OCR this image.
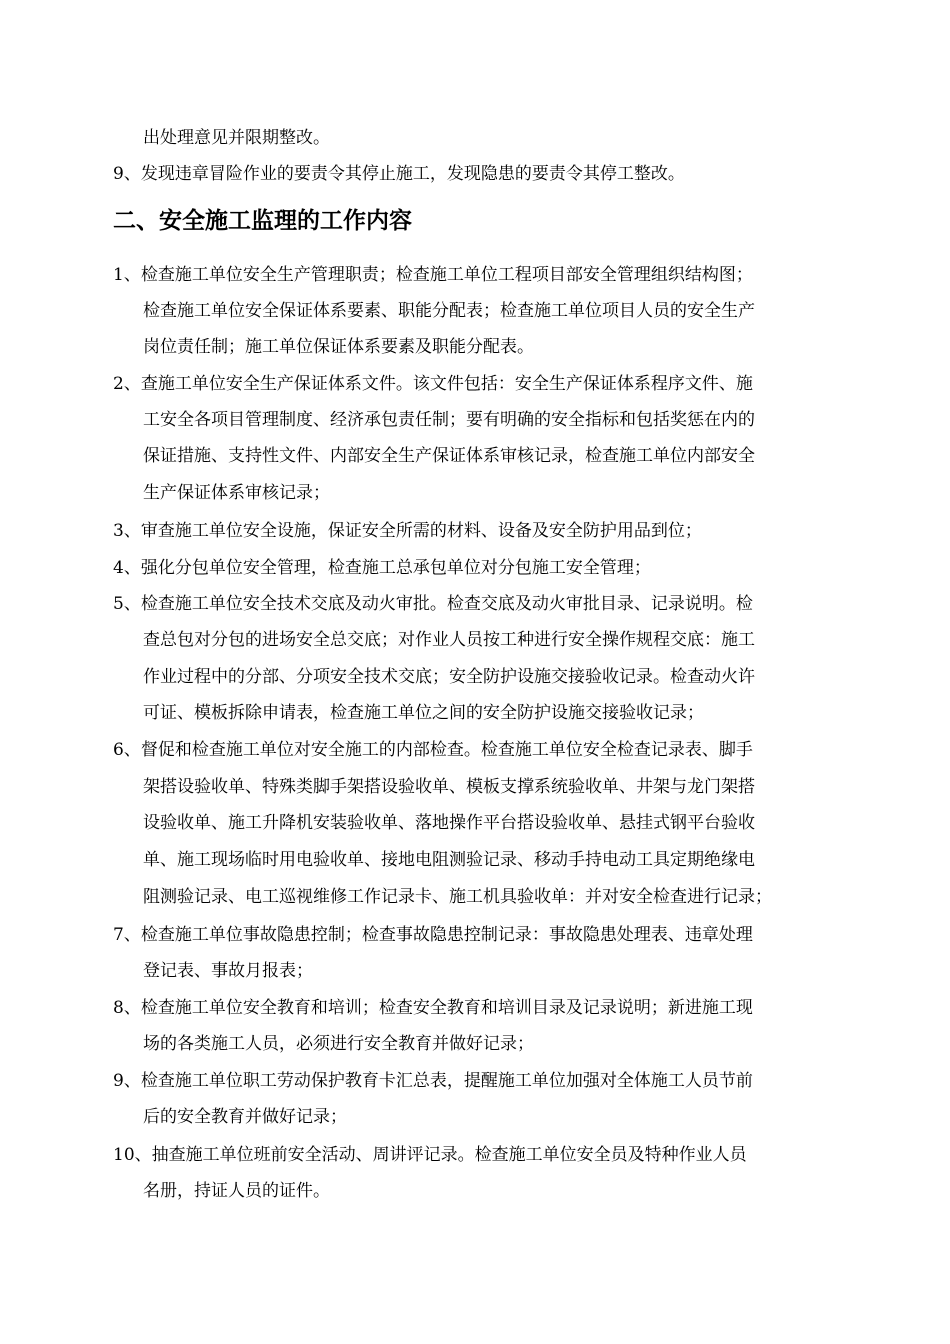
出处理意见并限期整改。
9、发现违章冒险作业的要责令其停止施工，发现隐患的要责令其停工整改。
二、安全施工监理的工作内容
1、检查施工单位安全生产管理职责；检查施工单位工程项目部安全管理组织结构图；
检查施工单位安全保证体系要素、职能分配表；检查施工单位项目人员的安全生产
岗位责任制；施工单位保证体系要素及职能分配表。
2、查施工单位安全生产保证体系文件。该文件包括：安全生产保证体系程序文件、施
工安全各项目管理制度、经济承包责任制；要有明确的安全指标和包括奖惩在内的
保证措施、支持性文件、内部安全生产保证体系审核记录，检查施工单位内部安全
生产保证体系审核记录；
3、审查施工单位安全设施，保证安全所需的材料、设备及安全防护用品到位；
4、强化分包单位安全管理，检查施工总承包单位对分包施工安全管理；
5、检查施工单位安全技术交底及动火审批。检查交底及动火审批目录、记录说明。检
查总包对分包的进场安全总交底；对作业人员按工种进行安全操作规程交底：施工
作业过程中的分部、分项安全技术交底；安全防护设施交接验收记录。检查动火许
可证、模板拆除申请表，检查施工单位之间的安全防护设施交接验收记录；
6、督促和检查施工单位对安全施工的内部检查。检查施工单位安全检查记录表、脚手
架搭设验收单、特殊类脚手架搭设验收单、模板支撑系统验收单、井架与龙门架搭
设验收单、施工升降机安装验收单、落地操作平台搭设验收单、悬挂式钢平台验收
单、施工现场临时用电验收单、接地电阻测验记录、移动手持电动工具定期绝缘电
阻测验记录、电工巡视维修工作记录卡、施工机具验收单：并对安全检查进行记录；
7、检查施工单位事故隐患控制；检查事故隐患控制记录：事故隐患处理表、违章处理
登记表、事故月报表；
8、检查施工单位安全教育和培训；检查安全教育和培训目录及记录说明；新进施工现
场的各类施工人员，必须进行安全教育并做好记录；
9、检查施工单位职工劳动保护教育卡汇总表，提醒施工单位加强对全体施工人员节前
后的安全教育并做好记录；
10、抽查施工单位班前安全活动、周讲评记录。检查施工单位安全员及特种作业人员
名册，持证人员的证件。
